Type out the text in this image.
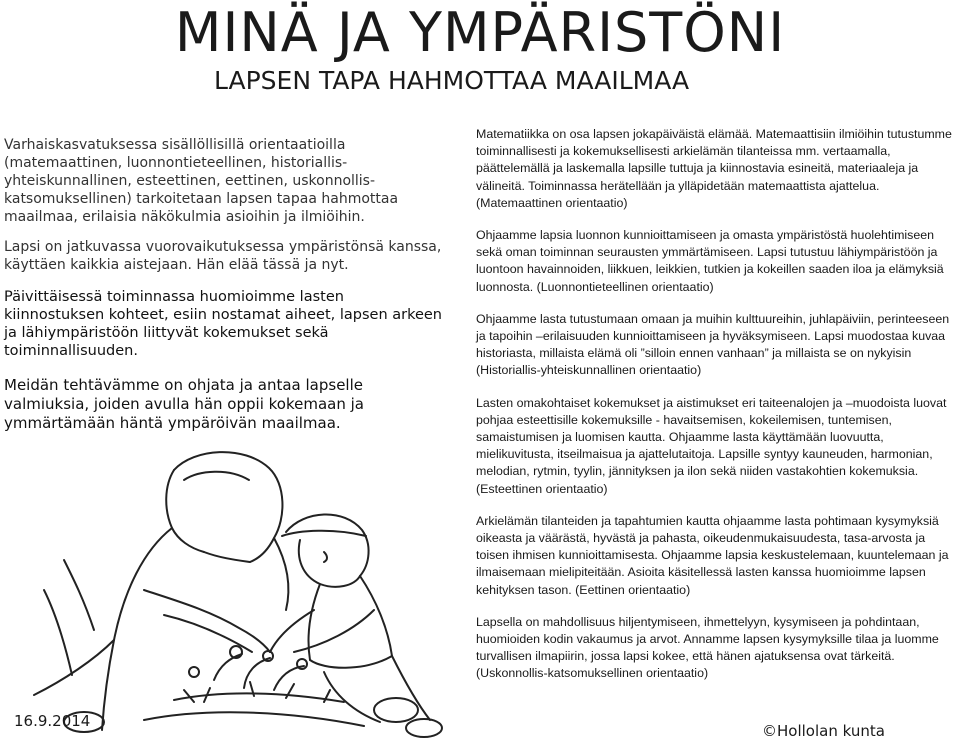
MINÄ JA YMPÄRISTÖNI
LAPSEN TAPA HAHMOTTAA MAAILMAA

Varhaiskasvatuksessa sisällöllisillä orientaatioilla (matemaattinen, luonnontieteellinen, historiallis-yhteiskunnallinen, esteettinen, eettinen, uskonnollis-katsomuksellinen) tarkoitetaan lapsen tapaa hahmottaa maailmaa, erilaisia näkökulmia asioihin ja ilmiöihin.

Lapsi on jatkuvassa vuorovaikutuksessa ympäristönsä kanssa, käyttäen kaikkia aistejaan. Hän elää tässä ja nyt.

Päivittäisessä toiminnassa huomioimme lasten kiinnostuksen kohteet, esiin nostamat aiheet, lapsen arkeen ja lähiympäristöön liittyvät kokemukset sekä toiminnallisuuden.

Meidän tehtävämme on ohjata ja antaa lapselle valmiuksia, joiden avulla hän oppii kokemaan ja ymmärtämään häntä ympäröivän maailmaa.

Matematiikka on osa lapsen jokapäiväistä elämää. Matemaattisiin ilmiöihin tutustumme toiminnallisesti ja kokemuksellisesti arkielämän tilanteissa mm. vertaamalla, päättelemällä ja laskemalla lapsille tuttuja ja kiinnostavia esineitä, materiaaleja ja välineitä. Toiminnassa herätellään ja ylläpidetään matemaattista ajattelua. (Matemaattinen orientaatio)

Ohjaamme lapsia luonnon kunnioittamiseen ja omasta ympäristöstä huolehtimiseen sekä oman toiminnan seurausten ymmärtämiseen. Lapsi tutustuu lähiympäristöön ja luontoon havainnoiden, liikkuen, leikkien, tutkien ja kokeillen saaden iloa ja elämyksiä luonnosta. (Luonnontieteellinen orientaatio)

Ohjaamme lasta tutustumaan omaan ja muihin kulttuureihin, juhlapäiviin, perinteeseen ja tapoihin –erilaisuuden kunnioittamiseen ja hyväksymiseen. Lapsi muodostaa kuvaa historiasta, millaista elämä oli ”silloin ennen vanhaan” ja millaista se on nykyisin (Historiallis-yhteiskunnallinen orientaatio)

Lasten omakohtaiset kokemukset ja aistimukset eri taiteenalojen ja –muodoista luovat pohjaa esteettisille kokemuksille - havaitsemisen, kokeilemisen, tuntemisen, samaistumisen ja luomisen kautta. Ohjaamme lasta käyttämään luovuutta, mielikuvitusta, itseilmaisua ja ajattelutaitoja. Lapsille syntyy kauneuden, harmonian, melodian, rytmin, tyylin, jännityksen ja ilon sekä niiden vastakohtien kokemuksia. (Esteettinen orientaatio)

Arkielämän tilanteiden ja tapahtumien kautta ohjaamme lasta pohtimaan kysymyksiä oikeasta ja väärästä, hyvästä ja pahasta, oikeudenmukaisuudesta, tasa-arvosta ja toisen ihmisen kunnioittamisesta. Ohjaamme lapsia keskustelemaan, kuuntelemaan ja ilmaisemaan mielipiteitään. Asioita käsitellessä lasten kanssa huomioimme lapsen kehityksen tason. (Eettinen orientaatio)

Lapsella on mahdollisuus hiljentymiseen, ihmettelyyn, kysymiseen ja pohdintaan, huomioiden kodin vakaumus ja arvot. Annamme lapsen kysymyksille tilaa ja luomme turvallisen ilmapiirin, jossa lapsi kokee, että hänen ajatuksensa ovat tärkeitä. (Uskonnollis-katsomuksellinen orientaatio)

16.9.2014
©Hollolan kunta
